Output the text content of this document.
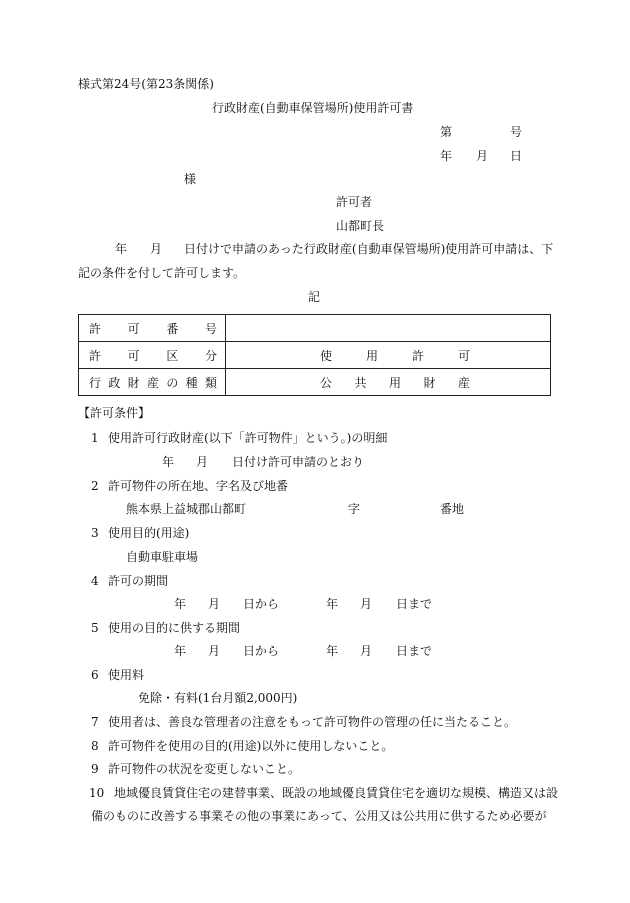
様式第24号(第23条関係)
行政財産(自動車保管場所)使用許可書
第	号
年 月 日
様
許可者
山都町長
年 月 日付けで申請のあった行政財産(自動車保管場所)使用許可申請は、下
記の条件を付して許可します。
記
許可番号	
許可区分	使 用 許 可

行政財産の種類	公 共 用 財 産
【許可条件】
1 使用許可行政財産(以下「許可物件」という。)の明細
年 月 日付け許可申請のとおり
2 許可物件の所在地、字名及び地番
熊本県上益城郡山都町	字	番地
3 使用目的(用途)
自動車駐車場
4 許可の期間
年 月 日から	年 月 日まで
5 使用の目的に供する期間
年 月 日から	年 月 日まで
6 使用料
免除・有料(1台月額2,000円)
7 使用者は、善良な管理者の注意をもって許可物件の管理の任に当たること。
8 許可物件を使用の目的(用途)以外に使用しないこと。
9 許可物件の状況を変更しないこと。
10 地域優良賃貸住宅の建替事業、既設の地域優良賃貸住宅を適切な規模、構造又は設
備のものに改善する事業その他の事業にあって、公用又は公共用に供するため必要が
